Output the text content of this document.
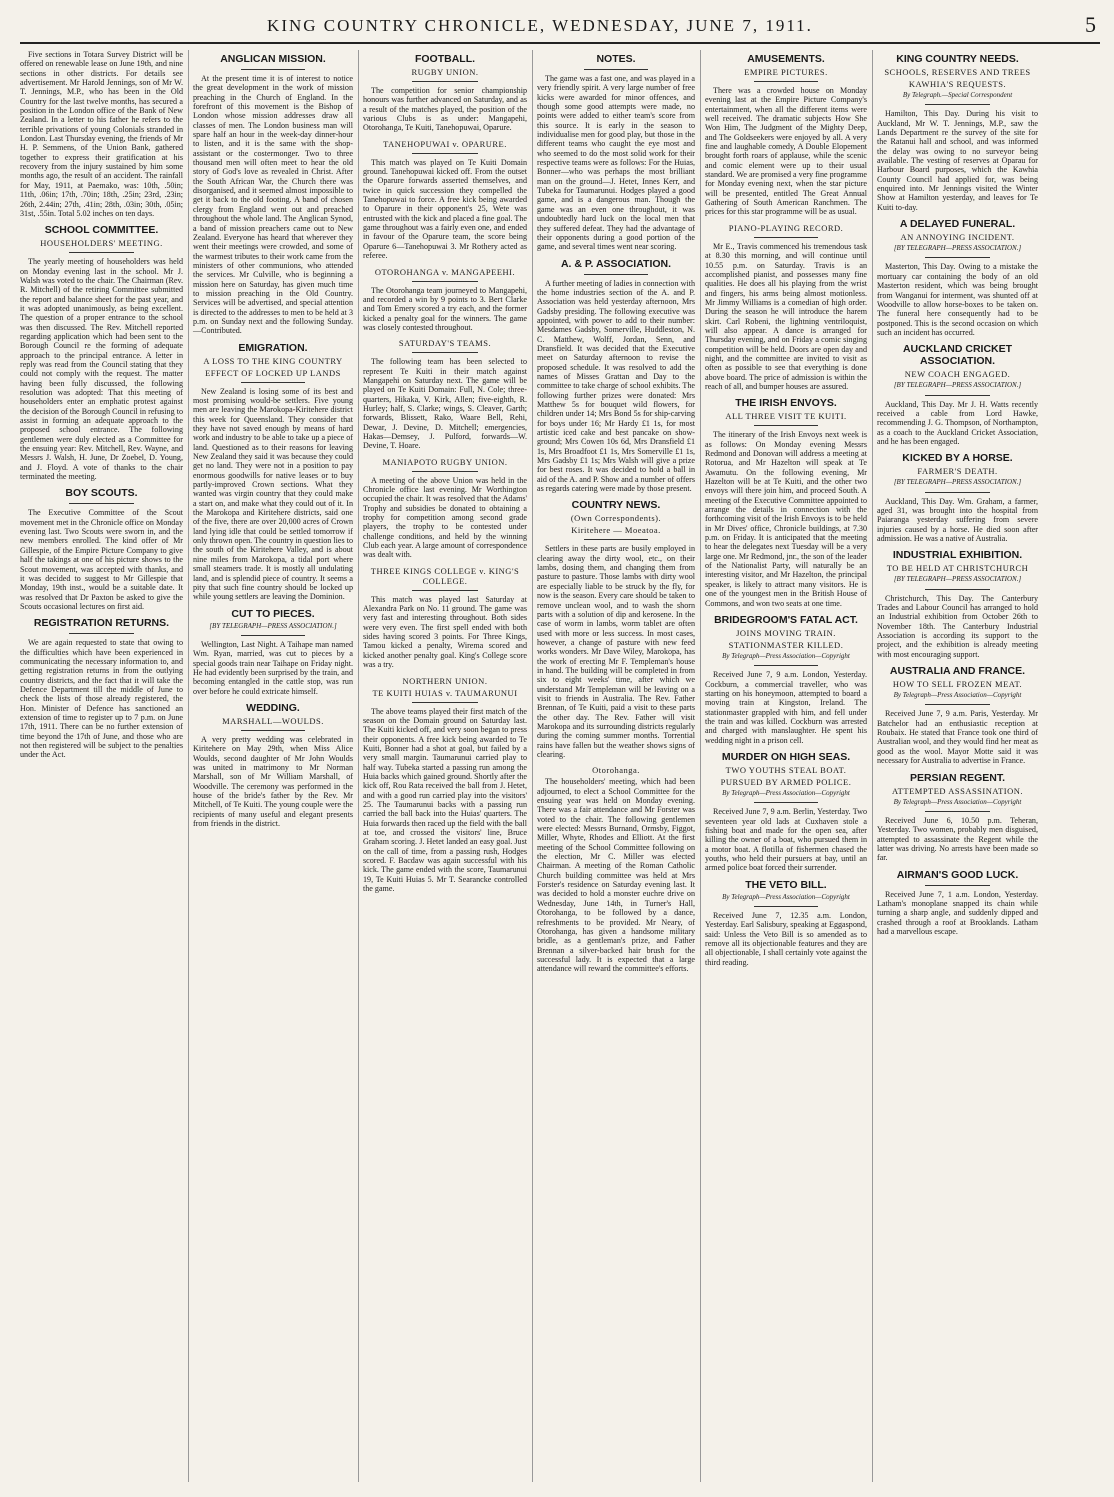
KING COUNTRY CHRONICLE, WEDNESDAY, JUNE 7, 1911.	5

Five sections in Totara Survey District will be offered on renewable lease on June 19th, and nine sections in other districts. For details see advertisement. Mr Harold Jennings, son of Mr W. T. Jennings, M.P., who has been in the Old Country for the last twelve months, has secured a position in the London office of the Bank of New Zealand. In a letter to his father he refers to the terrible privations of young Colonials stranded in London. Last Thursday evening, the friends of Mr H. P. Semmens, of the Union Bank, gathered together to express their gratification at his recovery from the injury sustained by him some months ago, the result of an accident. The rainfall for May, 1911, at Paemako, was: 10th, .50in; 11th, .06in; 17th, .70in; 18th, .25in; 23rd, .23in; 26th, 2.44in; 27th, .41in; 28th, .03in; 30th, .05in; 31st, .55in. Total 5.02 inches on ten days.

SCHOOL COMMITTEE.
HOUSEHOLDERS' MEETING.

The yearly meeting of householders was held on Monday evening last in the school. Mr J. Walsh was voted to the chair. The Chairman (Rev. R. Mitchell) of the retiring Committee submitted the report and balance sheet for the past year, and it was adopted unanimously, as being excellent. The question of a proper entrance to the school was then discussed. The Rev. Mitchell reported regarding application which had been sent to the Borough Council re the forming of adequate approach to the principal entrance. A letter in reply was read from the Council stating that they could not comply with the request. The matter having been fully discussed, the following resolution was adopted: That this meeting of householders enter an emphatic protest against the decision of the Borough Council in refusing to assist in forming an adequate approach to the proposed school entrance. The following gentlemen were duly elected as a Committee for the ensuing year: Rev. Mitchell, Rev. Wayne, and Messrs J. Walsh, H. June, Dr Zoebel, D. Young, and J. Floyd. A vote of thanks to the chair terminated the meeting.

BOY SCOUTS.

The Executive Committee of the Scout movement met in the Chronicle office on Monday evening last. Two Scouts were sworn in, and the new members enrolled. The kind offer of Mr Gillespie, of the Empire Picture Company to give half the takings at one of his picture shows to the Scout movement, was accepted with thanks, and it was decided to suggest to Mr Gillespie that Monday, 19th inst., would be a suitable date. It was resolved that Dr Paxton be asked to give the Scouts occasional lectures on first aid.

REGISTRATION RETURNS.

We are again requested to state that owing to the difficulties which have been experienced in communicating the necessary information to, and getting registration returns in from the outlying country districts, and the fact that it will take the Defence Department till the middle of June to check the lists of those already registered, the Hon. Minister of Defence has sanctioned an extension of time to register up to 7 p.m. on June 17th, 1911. There can be no further extension of time beyond the 17th of June, and those who are not then registered will be subject to the penalties under the Act.

ANGLICAN MISSION.

At the present time it is of interest to notice the great development in the work of mission preaching in the Church of England. In the forefront of this movement is the Bishop of London whose mission addresses draw all classes of men. The London business man will spare half an hour in the week-day dinner-hour to listen, and it is the same with the shop-assistant or the costermonger. Two to three thousand men will often meet to hear the old story of God's love as revealed in Christ. After the South African War, the Church there was disorganised, and it seemed almost impossible to get it back to the old footing. A band of chosen clergy from England went out and preached throughout the whole land. The Anglican Synod, a band of mission preachers came out to New Zealand. Everyone has heard that wherever they went their meetings were crowded, and some of the warmest tributes to their work came from the ministers of other communions, who attended the services. Mr Culville, who is beginning a mission here on Saturday, has given much time to mission preaching in the Old Country. Services will be advertised, and special attention is directed to the addresses to men to be held at 3 p.m. on Sunday next and the following Sunday.—Contributed.

EMIGRATION.
A LOSS TO THE KING COUNTRY
EFFECT OF LOCKED UP LANDS

New Zealand is losing some of its best and most promising would-be settlers. Five young men are leaving the Marokopa-Kiritehere district this week for Queensland. They consider that they have not saved enough by means of hard work and industry to be able to take up a piece of land. Questioned as to their reasons for leaving New Zealand they said it was because they could get no land. They were not in a position to pay enormous goodwills for native leases or to buy partly-improved Crown sections. What they wanted was virgin country that they could make a start on, and make what they could out of it. In the Marokopa and Kiritehere districts, said one of the five, there are over 20,000 acres of Crown land lying idle that could be settled tomorrow if only thrown open. The country in question lies to the south of the Kiritehere Valley, and is about nine miles from Marokopa, a tidal port where small steamers trade. It is mostly all undulating land, and is splendid piece of country. It seems a pity that such fine country should be locked up while young settlers are leaving the Dominion.

CUT TO PIECES.
[BY TELEGRAPH—PRESS ASSOCIATION.]

Wellington, Last Night. A Taihape man named Wm. Ryan, married, was cut to pieces by a special goods train near Taihape on Friday night. He had evidently been surprised by the train, and becoming entangled in the cattle stop, was run over before he could extricate himself.

WEDDING.
MARSHALL—WOULDS.

A very pretty wedding was celebrated in Kiritehere on May 29th, when Miss Alice Woulds, second daughter of Mr John Woulds was united in matrimony to Mr Norman Marshall, son of Mr William Marshall, of Woodville. The ceremony was performed in the house of the bride's father by the Rev. Mr Mitchell, of Te Kuiti. The young couple were the recipients of many useful and elegant presents from friends in the district.

FOOTBALL.
RUGBY UNION.

The competition for senior championship honours was further advanced on Saturday, and as a result of the matches played, the position of the various Clubs is as under: Mangapehi, Otorohanga, Te Kuiti, Tanehopuwai, Oparure.

TANEHOPUWAI v. OPARURE.

This match was played on Te Kuiti Domain ground. Tanehopuwai kicked off. From the outset the Oparure forwards asserted themselves, and twice in quick succession they compelled the Tanehopuwai to force. A free kick being awarded to Oparure in their opponent's 25, Wete was entrusted with the kick and placed a fine goal. The game throughout was a fairly even one, and ended in favour of the Oparure team, the score being Oparure 6—Tanehopuwai 3. Mr Rothery acted as referee.

OTOROHANGA v. MANGAPEEHI.

The Otorohanga team journeyed to Mangapehi, and recorded a win by 9 points to 3. Bert Clarke and Tom Emery scored a try each, and the former kicked a penalty goal for the winners. The game was closely contested throughout.

SATURDAY'S TEAMS.

The following team has been selected to represent Te Kuiti in their match against Mangapehi on Saturday next. The game will be played on Te Kuiti Domain: Full, N. Cole; three-quarters, Hikaka, V. Kirk, Allen; five-eighth, R. Hurley; half, S. Clarke; wings, S. Cleaver, Garth; forwards, Blissett, Rako, Waare Bell, Rehi, Dewar, J. Devine, D. Mitchell; emergencies, Hakas—Demsey, J. Pulford, forwards—W. Devine, T. Hoare.

MANIAPOTO RUGBY UNION.

A meeting of the above Union was held in the Chronicle office last evening. Mr Worthington occupied the chair. It was resolved that the Adams' Trophy and subsidies be donated to obtaining a trophy for competition among second grade players, the trophy to be contested under challenge conditions, and held by the winning Club each year. A large amount of correspondence was dealt with.

THREE KINGS COLLEGE v. KING'S COLLEGE.

This match was played last Saturday at Alexandra Park on No. 11 ground. The game was very fast and interesting throughout. Both sides were very even. The first spell ended with both sides having scored 3 points. For Three Kings, Tamou kicked a penalty, Wirema scored and kicked another penalty goal. King's College score was a try.

NORTHERN UNION.
TE KUITI HUIAS v. TAUMARUNUI

The above teams played their first match of the season on the Domain ground on Saturday last. The Kuiti kicked off, and very soon began to press their opponents. A free kick being awarded to Te Kuiti, Bonner had a shot at goal, but failed by a very small margin. Taumarunui carried play to half way. Tubeka started a passing run among the Huia backs which gained ground. Shortly after the kick off, Rou Rata received the ball from J. Hetet, and with a good run carried play into the visitors' 25. The Taumarunui backs with a passing run carried the ball back into the Huias' quarters. The Huia forwards then raced up the field with the ball at toe, and crossed the visitors' line, Bruce Graham scoring. J. Hetet landed an easy goal. Just on the call of time, from a passing rush, Hodges scored. F. Bacdaw was again successful with his kick. The game ended with the score, Taumarunui 19, Te Kuiti Huias 5. Mr T. Searancke controlled the game.

NOTES.

The game was a fast one, and was played in a very friendly spirit. A very large number of free kicks were awarded for minor offences, and though some good attempts were made, no points were added to either team's score from this source. It is early in the season to individualise men for good play, but those in the different teams who caught the eye most and who seemed to do the most solid work for their respective teams were as follows: For the Huias, Bonner—who was perhaps the most brilliant man on the ground—J. Hetet, Innes Kerr, and Tubeka for Taumarunui. Hodges played a good game, and is a dangerous man. Though the game was an even one throughout, it was undoubtedly hard luck on the local men that they suffered defeat. They had the advantage of their opponents during a good portion of the game, and several times went near scoring.

A. & P. ASSOCIATION.

A further meeting of ladies in connection with the home industries section of the A. and P. Association was held yesterday afternoon, Mrs Gadsby presiding. The following executive was appointed, with power to add to their number: Mesdames Gadsby, Somerville, Huddleston, N. C. Matthew, Wolff, Jordan, Senn, and Dransfield. It was decided that the Executive meet on Saturday afternoon to revise the proposed schedule. It was resolved to add the names of Misses Grattan and Day to the committee to take charge of school exhibits. The following further prizes were donated: Mrs Matthew 5s for bouquet wild flowers, for children under 14; Mrs Bond 5s for ship-carving for boys under 16; Mr Hardy £1 1s, for most artistic iced cake and best pancake on show-ground; Mrs Cowen 10s 6d, Mrs Dransfield £1 1s, Mrs Broadfoot £1 1s, Mrs Somerville £1 1s, Mrs Gadsby £1 1s; Mrs Walsh will give a prize for best roses. It was decided to hold a ball in aid of the A. and P. Show and a number of offers as regards catering were made by those present.

COUNTRY NEWS.
(Own Correspondents).
Kiritehere — Moeatoa.

Settlers in these parts are busily employed in clearing away the dirty wool, etc., on their lambs, dosing them, and changing them from pasture to pasture. Those lambs with dirty wool are especially liable to be struck by the fly, for now is the season. Every care should be taken to remove unclean wool, and to wash the shorn parts with a solution of dip and kerosene. In the case of worm in lambs, worm tablet are often used with more or less success. In most cases, however, a change of pasture with new feed works wonders. Mr Dave Wiley, Marokopa, has the work of erecting Mr F. Templeman's house in hand. The building will be completed in from six to eight weeks' time, after which we understand Mr Templeman will be leaving on a visit to friends in Australia. The Rev. Father Brennan, of Te Kuiti, paid a visit to these parts the other day. The Rev. Father will visit Marokopa and its surrounding districts regularly during the coming summer months. Torrential rains have fallen but the weather shows signs of clearing.

Otorohanga.

The householders' meeting, which had been adjourned, to elect a School Committee for the ensuing year was held on Monday evening. There was a fair attendance and Mr Forster was voted to the chair. The following gentlemen were elected: Messrs Burnand, Ormsby, Figgot, Miller, Whyte, Rhodes and Elliott. At the first meeting of the School Committee following on the election, Mr C. Miller was elected Chairman. A meeting of the Roman Catholic Church building committee was held at Mrs Forster's residence on Saturday evening last. It was decided to hold a monster euchre drive on Wednesday, June 14th, in Turner's Hall, Otorohanga, to be followed by a dance, refreshments to be provided. Mr Neary, of Otorohanga, has given a handsome military bridle, as a gentleman's prize, and Father Brennan a silver-backed hair brush for the successful lady. It is expected that a large attendance will reward the committee's efforts.

AMUSEMENTS.
EMPIRE PICTURES.

There was a crowded house on Monday evening last at the Empire Picture Company's entertainment, when all the different items were well received. The dramatic subjects How She Won Him, The Judgment of the Mighty Deep, and The Goldseekers were enjoyed by all. A very fine and laughable comedy, A Double Elopement brought forth roars of applause, while the scenic and comic element were up to their usual standard. We are promised a very fine programme for Monday evening next, when the star picture will be presented, entitled The Great Annual Gathering of South American Ranchmen. The prices for this star programme will be as usual.

PIANO-PLAYING RECORD.

Mr E., Travis commenced his tremendous task at 8.30 this morning, and will continue until 10.55 p.m. on Saturday. Travis is an accomplished pianist, and possesses many fine qualities. He does all his playing from the wrist and fingers, his arms being almost motionless. Mr Jimmy Williams is a comedian of high order. During the season he will introduce the harem skirt. Carl Robeni, the lightning ventriloquist, will also appear. A dance is arranged for Thursday evening, and on Friday a comic singing competition will be held. Doors are open day and night, and the committee are invited to visit as often as possible to see that everything is done above board. The price of admission is within the reach of all, and bumper houses are assured.

THE IRISH ENVOYS.
ALL THREE VISIT TE KUITI.

The itinerary of the Irish Envoys next week is as follows: On Monday evening Messrs Redmond and Donovan will address a meeting at Rotorua, and Mr Hazelton will speak at Te Awamutu. On the following evening, Mr Hazelton will be at Te Kuiti, and the other two envoys will there join him, and proceed South. A meeting of the Executive Committee appointed to arrange the details in connection with the forthcoming visit of the Irish Envoys is to be held in Mr Dives' office, Chronicle buildings, at 7.30 p.m. on Friday. It is anticipated that the meeting to hear the delegates next Tuesday will be a very large one. Mr Redmond, jnr., the son of the leader of the Nationalist Party, will naturally be an interesting visitor, and Mr Hazelton, the principal speaker, is likely to attract many visitors. He is one of the youngest men in the British House of Commons, and won two seats at one time.

BRIDEGROOM'S FATAL ACT.
JOINS MOVING TRAIN.
STATIONMASTER KILLED.
By Telegraph—Press Association—Copyright

Received June 7, 9 a.m. London, Yesterday. Cockburn, a commercial traveller, who was starting on his honeymoon, attempted to board a moving train at Kingston, Ireland. The stationmaster grappled with him, and fell under the train and was killed. Cockburn was arrested and charged with manslaughter. He spent his wedding night in a prison cell.

MURDER ON HIGH SEAS.
TWO YOUTHS STEAL BOAT.
PURSUED BY ARMED POLICE.
By Telegraph—Press Association—Copyright

Received June 7, 9 a.m. Berlin, Yesterday. Two seventeen year old lads at Cuxhaven stole a fishing boat and made for the open sea, after killing the owner of a boat, who pursued them in a motor boat. A flotilla of fishermen chased the youths, who held their pursuers at bay, until an armed police boat forced their surrender.

THE VETO BILL.
By Telegraph—Press Association—Copyright

Received June 7, 12.35 a.m. London, Yesterday. Earl Salisbury, speaking at Eggaspond, said: Unless the Veto Bill is so amended as to remove all its objectionable features and they are all objectionable, I shall certainly vote against the third reading.

KING COUNTRY NEEDS.
SCHOOLS, RESERVES AND TREES
KAWHIA'S REQUESTS.
By Telegraph.—Special Correspondent

Hamilton, This Day. During his visit to Auckland, Mr W. T. Jennings, M.P., saw the Lands Department re the survey of the site for the Ratanui hall and school, and was informed the delay was owing to no surveyor being available. The vesting of reserves at Oparau for Harbour Board purposes, which the Kawhia County Council had applied for, was being enquired into. Mr Jennings visited the Winter Show at Hamilton yesterday, and leaves for Te Kuiti to-day.

A DELAYED FUNERAL.
AN ANNOYING INCIDENT.
[BY TELEGRAPH—PRESS ASSOCIATION.]

Masterton, This Day. Owing to a mistake the mortuary car containing the body of an old Masterton resident, which was being brought from Wanganui for interment, was shunted off at Woodville to allow horse-boxes to be taken on. The funeral here consequently had to be postponed. This is the second occasion on which such an incident has occurred.

AUCKLAND CRICKET ASSOCIATION.
NEW COACH ENGAGED.
[BY TELEGRAPH—PRESS ASSOCIATION.]

Auckland, This Day. Mr J. H. Watts recently received a cable from Lord Hawke, recommending J. G. Thompson, of Northampton, as a coach to the Auckland Cricket Association, and he has been engaged.

KICKED BY A HORSE.
FARMER'S DEATH.
[BY TELEGRAPH—PRESS ASSOCIATION.]

Auckland, This Day. Wm. Graham, a farmer, aged 31, was brought into the hospital from Paiaranga yesterday suffering from severe injuries caused by a horse. He died soon after admission. He was a native of Australia.

INDUSTRIAL EXHIBITION.
TO BE HELD AT CHRISTCHURCH
[BY TELEGRAPH—PRESS ASSOCIATION.]

Christchurch, This Day. The Canterbury Trades and Labour Council has arranged to hold an Industrial exhibition from October 26th to November 18th. The Canterbury Industrial Association is according its support to the project, and the exhibition is already meeting with most encouraging support.

AUSTRALIA AND FRANCE.
HOW TO SELL FROZEN MEAT.
By Telegraph—Press Association—Copyright

Received June 7, 9 a.m. Paris, Yesterday. Mr Batchelor had an enthusiastic reception at Roubaix. He stated that France took one third of Australian wool, and they would find her meat as good as the wool. Mayor Motte said it was necessary for Australia to advertise in France.

PERSIAN REGENT.
ATTEMPTED ASSASSINATION.
By Telegraph—Press Association—Copyright

Received June 6, 10.50 p.m. Teheran, Yesterday. Two women, probably men disguised, attempted to assassinate the Regent while the latter was driving. No arrests have been made so far.

AIRMAN'S GOOD LUCK.

Received June 7, 1 a.m. London, Yesterday. Latham's monoplane snapped its chain while turning a sharp angle, and suddenly dipped and crashed through a roof at Brooklands. Latham had a marvellous escape.
